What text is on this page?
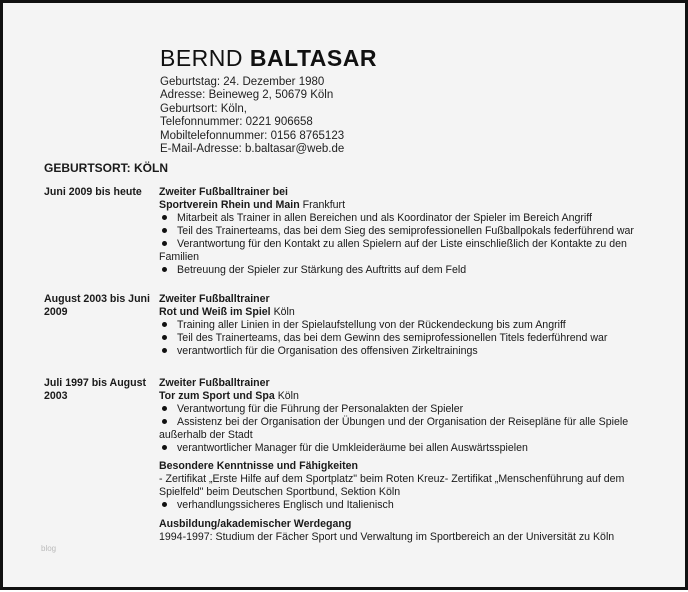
BERND BALTASAR
Geburtstag: 24. Dezember 1980
Adresse: Beineweg 2, 50679 Köln
Geburtsort: Köln,
Telefonnummer: 0221 906658
Mobiltelefonnummer: 0156 8765123
E-Mail-Adresse: b.baltasar@web.de
GEBURTSORT: KÖLN
Juni 2009 bis heute	Zweiter Fußballtrainer bei
Sportverein Rhein und Main Frankfurt
Mitarbeit als Trainer in allen Bereichen und als Koordinator der Spieler im Bereich Angriff
Teil des Trainerteams, das bei dem Sieg des semiprofessionellen Fußballpokals federführend war
Verantwortung für den Kontakt zu allen Spielern auf der Liste einschließlich der Kontakte zu den Familien
Betreuung der Spieler zur Stärkung des Auftritts auf dem Feld
August 2003 bis Juni 2009
Zweiter Fußballtrainer
Rot und Weiß im Spiel Köln
Training aller Linien in der Spielaufstellung von der Rückendeckung bis zum Angriff
Teil des Trainerteams, das bei dem Gewinn des semiprofessionellen Titels federführend war
verantwortlich für die Organisation des offensiven Zirkeltrainings
Juli 1997 bis August 2003
Zweiter Fußballtrainer
Tor zum Sport und Spa Köln
Verantwortung für die Führung der Personalakten der Spieler
Assistenz bei der Organisation der Übungen und der Organisation der Reisepläne für alle Spiele außerhalb der Stadt
verantwortlicher Manager für die Umkleideräume bei allen Auswärtsspielen
Besondere Kenntnisse und Fähigkeiten
- Zertifikat „Erste Hilfe auf dem Sportplatz" beim Roten Kreuz- Zertifikat „Menschenführung auf dem Spielfeld" beim Deutschen Sportbund, Sektion Köln
verhandlungssicheres Englisch und Italienisch
Ausbildung/akademischer Werdegang
1994-1997: Studium der Fächer Sport und Verwaltung im Sportbereich an der Universität zu Köln
blog
